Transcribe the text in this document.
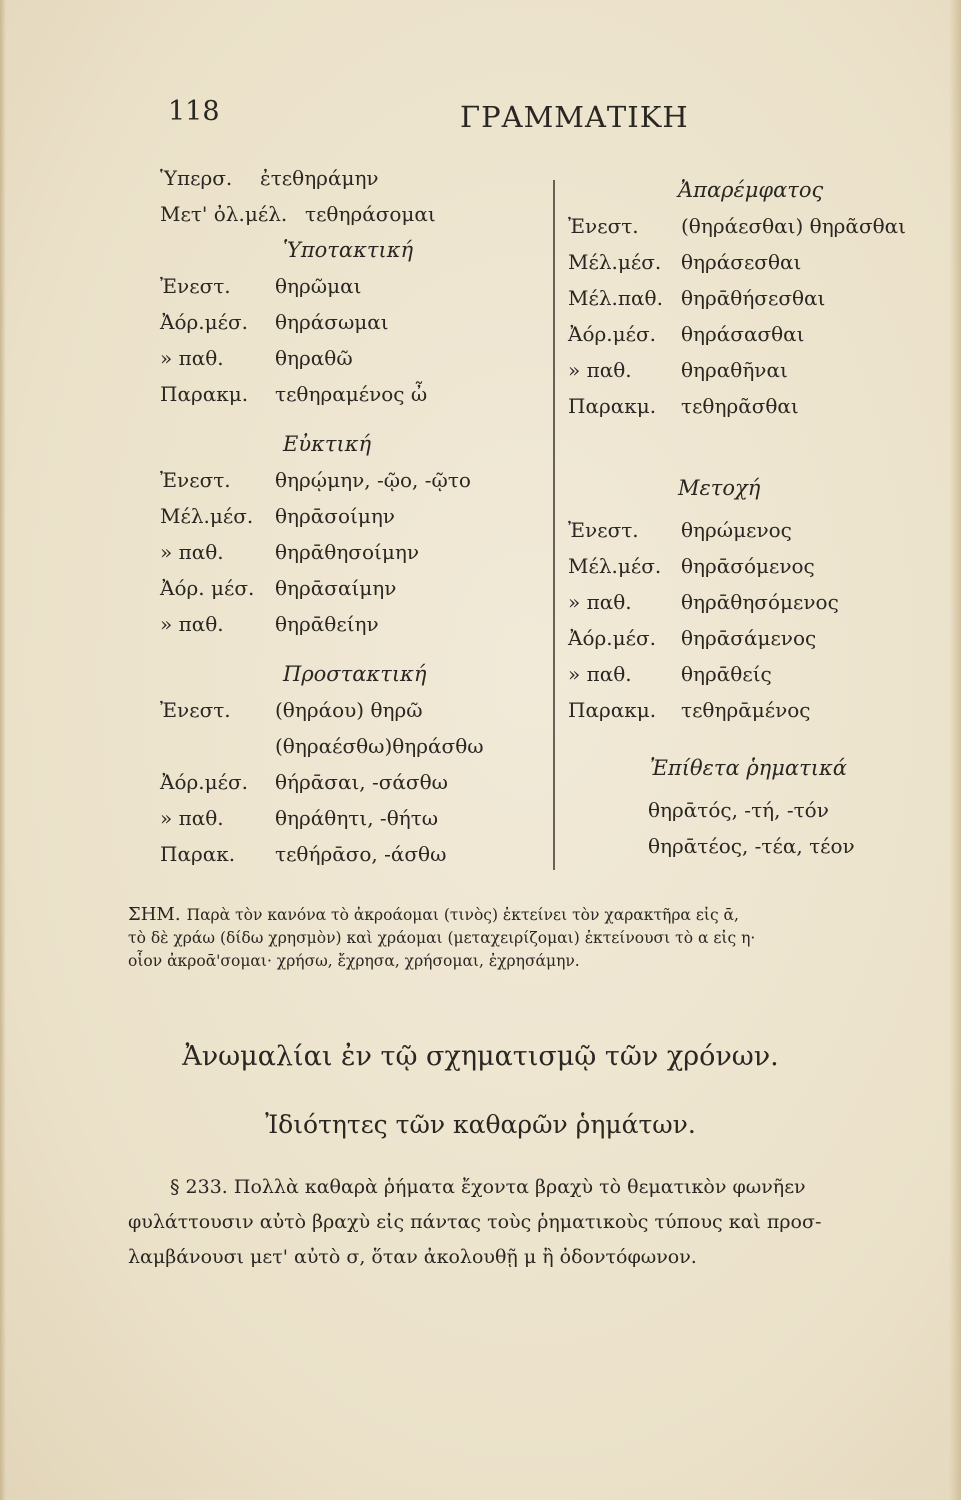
118	ΓΡΑΜΜΑΤΙΚΗ
Ὑπερσ.	ἐτεθηράμην
Μετ' ὀλ.μέλ. τεθηράσομαι
Ὑποτακτική
Ἐνεστ.	θηρῶμαι
Ἀόρ.μέσ.	θηράσωμαι
» παθ.	θηραθῶ
Παρακμ.	τεθηραμένος ὦ
Εὐκτική
Ἐνεστ.	θηρῴμην, -ῷο, -ῷτο
Μέλ.μέσ.	θηρᾱσοίμην
» παθ.	θηρᾱθησοίμην
Ἀόρ. μέσ.	θηρᾱσαίμην
» παθ.	θηρᾱθείην
Προστακτική
Ἐνεστ.	(θηράου) θηρῶ
(θηραέσθω)θηράσθω
Ἀόρ.μέσ.	θήρᾱσαι, -σάσθω
» παθ.	θηράθητι, -θήτω
Παρακ.	τεθήρᾱσο, -άσθω
Ἀπαρέμφατος
Ἐνεστ.	(θηράεσθαι) θηρᾶσθαι
Μέλ.μέσ. θηράσεσθαι
Μέλ.παθ. θηρᾱθήσεσθαι
Ἀόρ.μέσ.	θηράσασθαι
» παθ.	θηραθῆναι
Παρακμ.	τεθηρᾶσθαι
Μετοχή
Ἐνεστ.	θηρώμενος
Μέλ.μέσ. θηρᾱσόμενος
» παθ.	θηρᾱθησόμενος
Ἀόρ.μέσ.	θηρᾱσάμενος
» παθ.	θηρᾱθείς
Παρακμ.	τεθηρᾱμένος
Ἐπίθετα ῥηματικά
θηρᾱτός, -τή, -τόν
θηρᾱτέος, -τέα, τέον

ΣΗΜ. Παρὰ τὸν κανόνα τὸ ἀκροάομαι (τινὸς) ἐκτείνει τὸν χαρακτῆρα εἰς ᾱ,

τὸ δὲ χράω (δίδω χρησμὸν) καὶ χράομαι (μεταχειρίζομαι) ἐκτείνουσι τὸ α εἰς η·

οἷον ἀκροᾱ'σομαι· χρήσω, ἔχρησα, χρήσομαι, ἐχρησάμην.

Ἀνωμαλίαι ἐν τῷ σχηματισμῷ τῶν χρόνων.
Ἰδιότητες τῶν καθαρῶν ῥημάτων.

§ 233. Πολλὰ καθαρὰ ῥήματα ἔχοντα βραχὺ τὸ θεματικὸν φωνῆεν

φυλάττουσιν αὐτὸ βραχὺ εἰς πάντας τοὺς ῥηματικοὺς τύπους καὶ προσ-

λαμβάνουσι μετ' αὐτὸ σ, ὅταν ἀκολουθῇ μ ἢ ὀδοντόφωνον.
